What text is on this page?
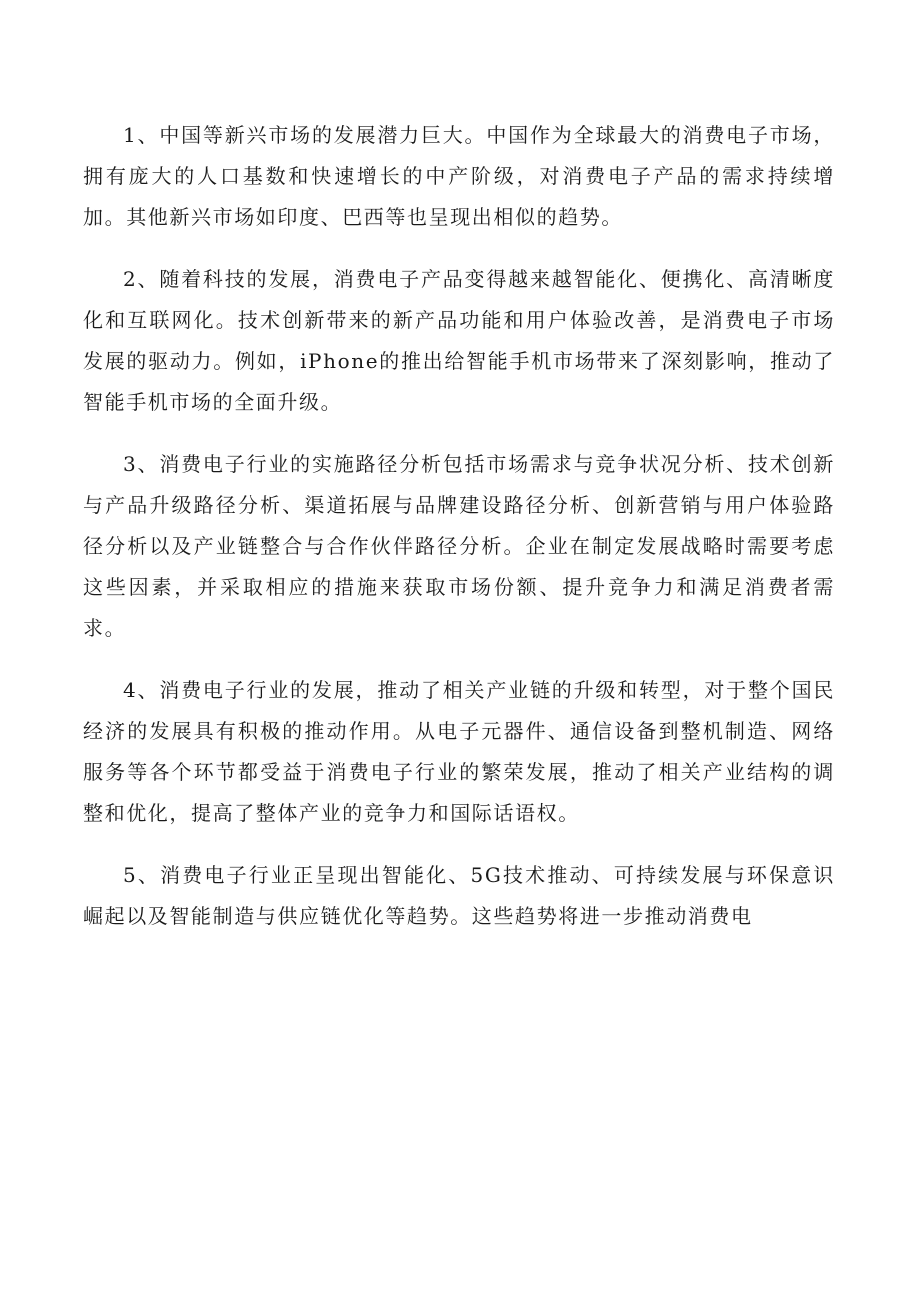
1、中国等新兴市场的发展潜力巨大。中国作为全球最大的消费电子市场，拥有庞大的人口基数和快速增长的中产阶级，对消费电子产品的需求持续增加。其他新兴市场如印度、巴西等也呈现出相似的趋势。

2、随着科技的发展，消费电子产品变得越来越智能化、便携化、高清晰度化和互联网化。技术创新带来的新产品功能和用户体验改善，是消费电子市场发展的驱动力。例如，iPhone的推出给智能手机市场带来了深刻影响，推动了智能手机市场的全面升级。

3、消费电子行业的实施路径分析包括市场需求与竞争状况分析、技术创新与产品升级路径分析、渠道拓展与品牌建设路径分析、创新营销与用户体验路径分析以及产业链整合与合作伙伴路径分析。企业在制定发展战略时需要考虑这些因素，并采取相应的措施来获取市场份额、提升竞争力和满足消费者需求。

4、消费电子行业的发展，推动了相关产业链的升级和转型，对于整个国民经济的发展具有积极的推动作用。从电子元器件、通信设备到整机制造、网络服务等各个环节都受益于消费电子行业的繁荣发展，推动了相关产业结构的调整和优化，提高了整体产业的竞争力和国际话语权。

5、消费电子行业正呈现出智能化、5G技术推动、可持续发展与环保意识崛起以及智能制造与供应链优化等趋势。这些趋势将进一步推动消费电
